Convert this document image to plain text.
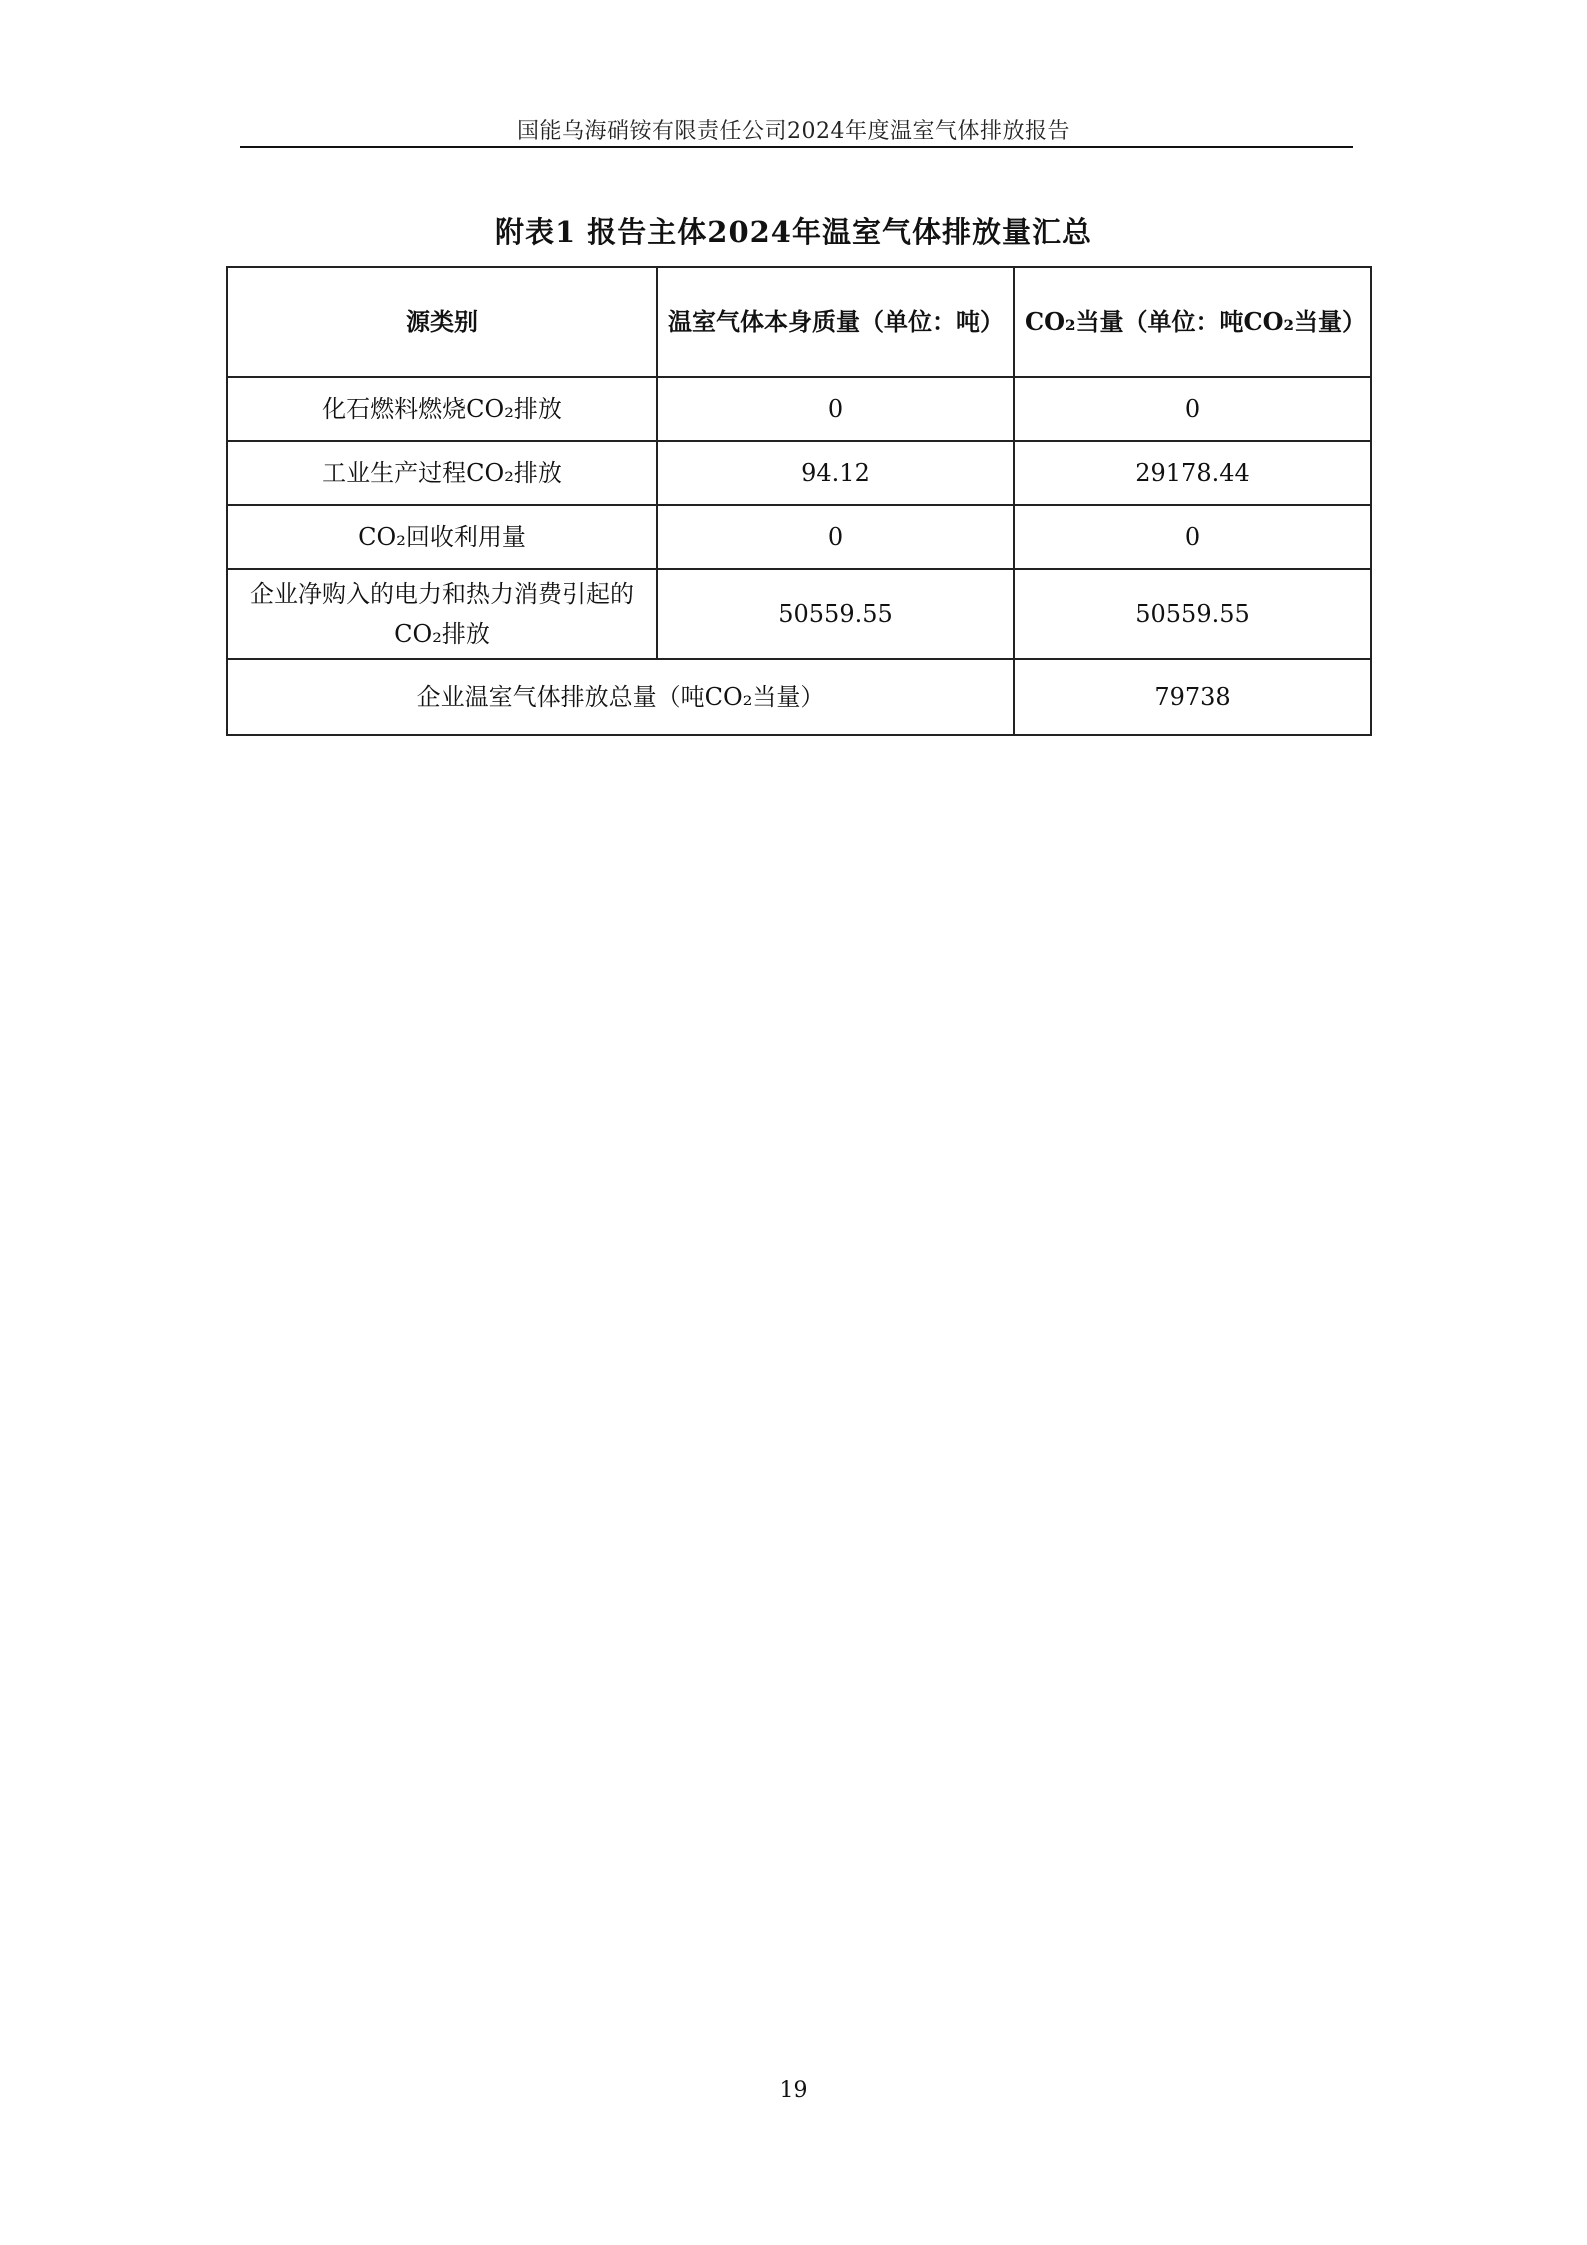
国能乌海硝铵有限责任公司2024年度温室气体排放报告
附表1 报告主体2024年温室气体排放量汇总
源类别	温室气体本身质量（单位：吨）	CO₂当量（单位：吨CO₂当量）
化石燃料燃烧CO₂排放	0	0
工业生产过程CO₂排放	94.12	29178.44
CO₂回收利用量	0	0
企业净购入的电力和热力消费引起的CO₂排放	50559.55	50559.55
企业温室气体排放总量（吨CO₂当量）		79738
19
